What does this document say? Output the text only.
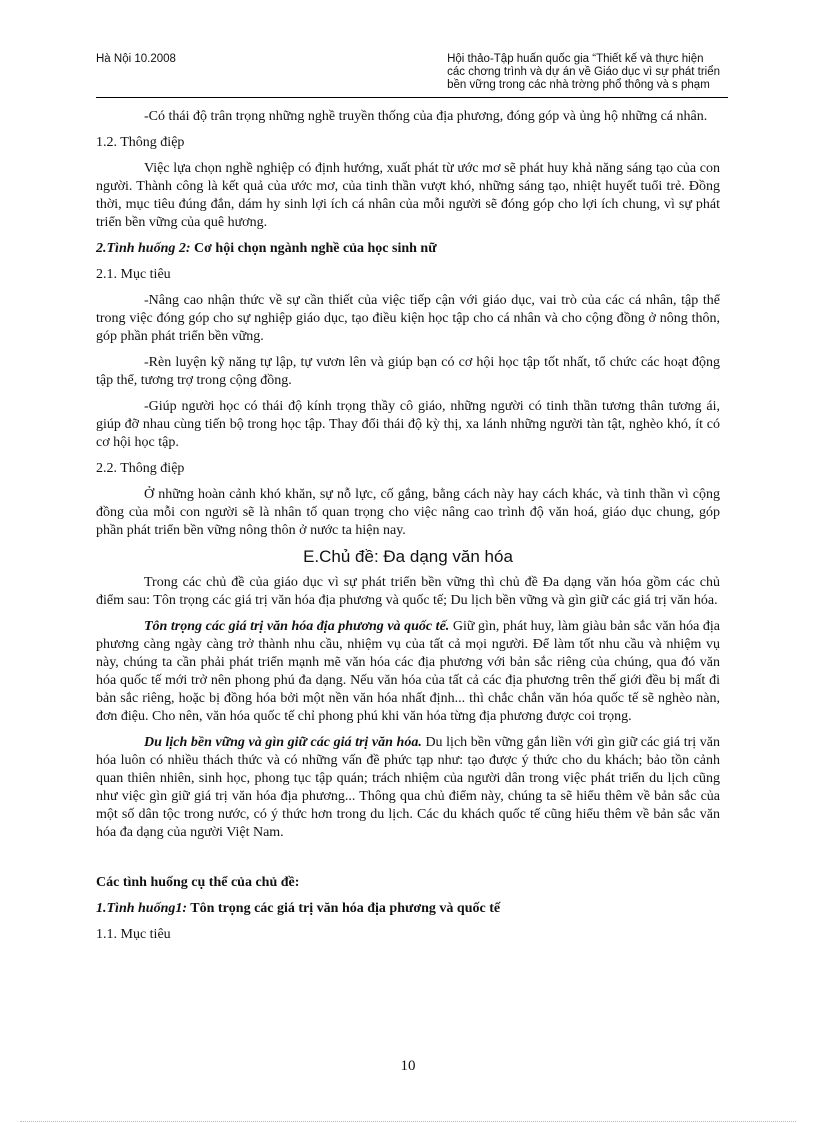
Hà Nội 10.2008	Hội thảo-Tập huấn quốc gia “Thiết kế và thực hiện
các chơng trình và dự án về Giáo dục vì sự phát triển
bền vững trong các nhà trờng phổ thông và s phạm

-Có thái độ trân trọng những nghề truyền thống của địa phương, đóng góp và ủng hộ những cá nhân.

1.2. Thông điệp

Việc lựa chọn nghề nghiệp có định hướng, xuất phát từ ước mơ sẽ phát huy khả năng sáng tạo của con người. Thành công là kết quả của ước mơ, của tinh thần vượt khó, những sáng tạo, nhiệt huyết tuổi trẻ. Đồng thời, mục tiêu đúng đắn, dám hy sinh lợi ích cá nhân của mỗi người sẽ đóng góp cho lợi ích chung, vì sự phát triển bền vững của quê hương.

2.Tình huống 2: Cơ hội chọn ngành nghề của học sinh nữ
2.1. Mục tiêu

-Nâng cao nhận thức về sự cần thiết của việc tiếp cận với giáo dục, vai trò của các cá nhân, tập thể trong việc đóng góp cho sự nghiệp giáo dục, tạo điều kiện học tập cho cá nhân và cho cộng đồng ở nông thôn, góp phần phát triển bền vững.

-Rèn luyện kỹ năng tự lập, tự vươn lên và giúp bạn có cơ hội học tập tốt nhất, tổ chức các hoạt động tập thể, tương trợ trong cộng đồng.

-Giúp người học có thái độ kính trọng thầy cô giáo, những người có tinh thần tương thân tương ái, giúp đỡ nhau cùng tiến bộ trong học tập. Thay đổi thái độ kỳ thị, xa lánh những người tàn tật, nghèo khó, ít có cơ hội học tập.

2.2. Thông điệp

Ở những hoàn cảnh khó khăn, sự nỗ lực, cố gắng, bằng cách này hay cách khác, và tinh thần vì cộng đồng của mỗi con người sẽ là nhân tố quan trọng cho việc nâng cao trình độ văn hoá, giáo dục chung, góp phần phát triển bền vững nông thôn ở nước ta hiện nay.

E.Chủ đề: Đa dạng văn hóa

Trong các chủ đề của giáo dục vì sự phát triển bền vững thì chủ đề Đa dạng văn hóa gồm các chủ điểm sau: Tôn trọng các giá trị văn hóa địa phương và quốc tế; Du lịch bền vững và gìn giữ các giá trị văn hóa.

Tôn trọng các giá trị văn hóa địa phương và quốc tế. Giữ gìn, phát huy, làm giàu bản sắc văn hóa địa phương càng ngày càng trở thành nhu cầu, nhiệm vụ của tất cả mọi người. Để làm tốt nhu cầu và nhiệm vụ này, chúng ta cần phải phát triển mạnh mẽ văn hóa các địa phương với bản sắc riêng của chúng, qua đó văn hóa quốc tế mới trở nên phong phú đa dạng. Nếu văn hóa của tất cả các địa phương trên thế giới đều bị mất đi bản sắc riêng, hoặc bị đồng hóa bởi một nền văn hóa nhất định... thì chắc chắn văn hóa quốc tế sẽ nghèo nàn, đơn điệu. Cho nên, văn hóa quốc tế chỉ phong phú khi văn hóa từng địa phương được coi trọng.

Du lịch bền vững và gìn giữ các giá trị văn hóa. Du lịch bền vững gắn liền với gìn giữ các giá trị văn hóa luôn có nhiều thách thức và có những vấn đề phức tạp như: tạo được ý thức cho du khách; bảo tồn cảnh quan thiên nhiên, sinh học, phong tục tập quán; trách nhiệm của người dân trong việc phát triển du lịch cũng như việc gìn giữ giá trị văn hóa địa phương... Thông qua chủ điểm này, chúng ta sẽ hiểu thêm về bản sắc của một số dân tộc trong nước, có ý thức hơn trong du lịch. Các du khách quốc tế cũng hiểu thêm về bản sắc văn hóa đa dạng của người Việt Nam.

Các tình huống cụ thể của chủ đề:
1.Tình huống1: Tôn trọng các giá trị văn hóa địa phương và quốc tế
1.1. Mục tiêu
10
